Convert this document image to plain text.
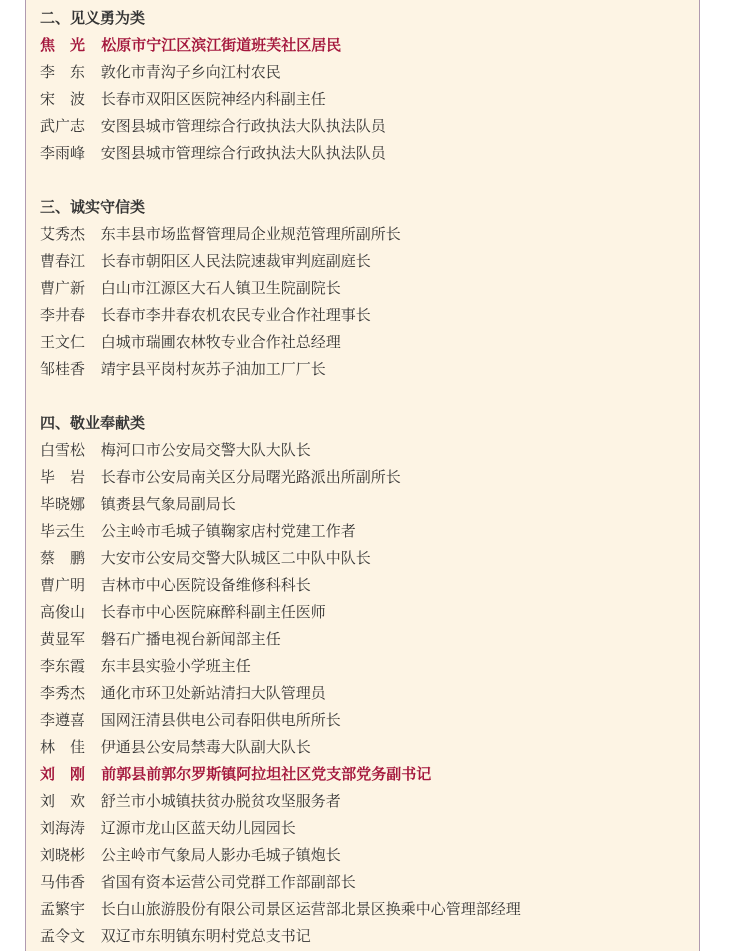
二、见义勇为类
焦　光 松原市宁江区滨江街道班芙社区居民
李　东 敦化市青沟子乡向江村农民
宋　波 长春市双阳区医院神经内科副主任
武广志 安图县城市管理综合行政执法大队执法队员
李雨峰 安图县城市管理综合行政执法大队执法队员
三、诚实守信类
艾秀杰 东丰县市场监督管理局企业规范管理所副所长
曹春江 长春市朝阳区人民法院速裁审判庭副庭长
曹广新 白山市江源区大石人镇卫生院副院长
李井春 长春市李井春农机农民专业合作社理事长
王文仁 白城市瑞圃农林牧专业合作社总经理
邹桂香 靖宇县平岗村灰苏子油加工厂厂长
四、敬业奉献类
白雪松 梅河口市公安局交警大队大队长
毕　岩 长春市公安局南关区分局曙光路派出所副所长
毕晓娜 镇赉县气象局副局长
毕云生 公主岭市毛城子镇鞠家店村党建工作者
蔡　鹏 大安市公安局交警大队城区二中队中队长
曹广明 吉林市中心医院设备维修科科长
高俊山 长春市中心医院麻醉科副主任医师
黄显军 磐石广播电视台新闻部主任
李东霞 东丰县实验小学班主任
李秀杰 通化市环卫处新站清扫大队管理员
李遵喜 国网汪清县供电公司春阳供电所所长
林　佳 伊通县公安局禁毒大队副大队长
刘　刚 前郭县前郭尔罗斯镇阿拉坦社区党支部党务副书记
刘　欢 舒兰市小城镇扶贫办脱贫攻坚服务者
刘海涛 辽源市龙山区蓝天幼儿园园长
刘晓彬 公主岭市气象局人影办毛城子镇炮长
马伟香 省国有资本运营公司党群工作部副部长
孟繁宇 长白山旅游股份有限公司景区运营部北景区换乘中心管理部经理
孟令文 双辽市东明镇东明村党总支书记
